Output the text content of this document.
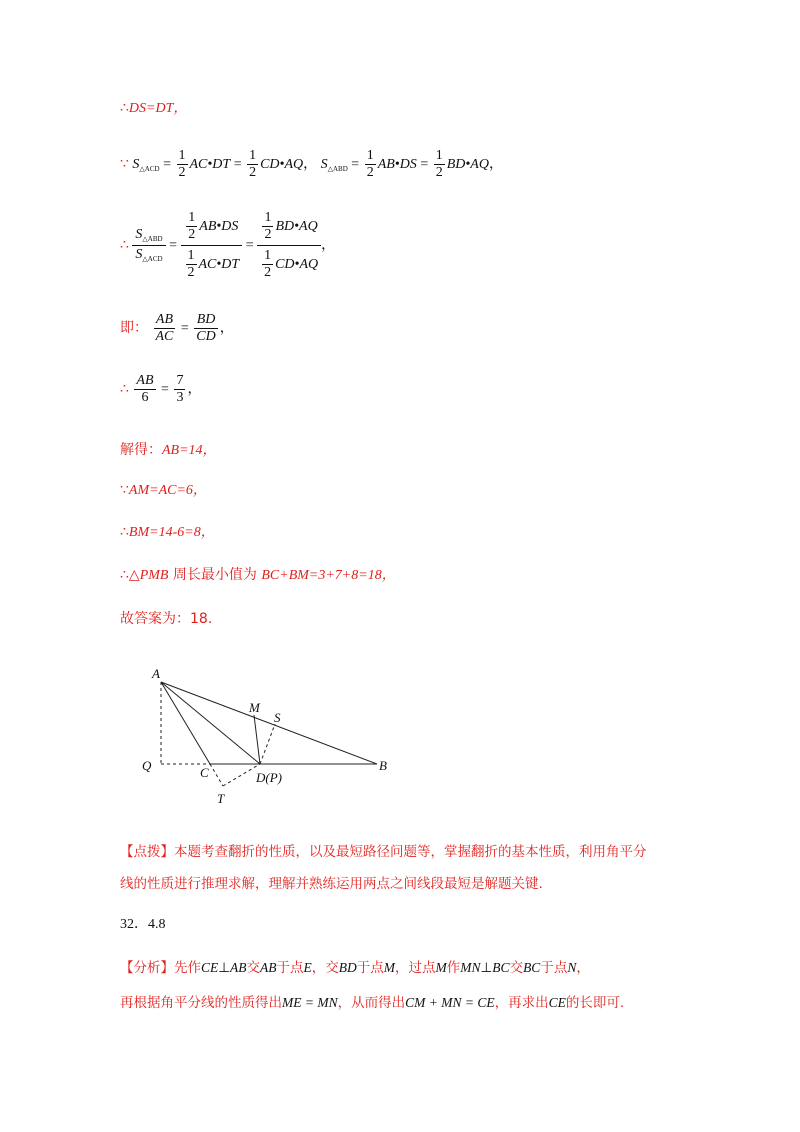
∴DS=DT，
∵ $S_{\triangle ACD} = \frac{1}{2}$ AC•DT = $\frac{1}{2}$ CD•AQ， $S_{\triangle ABD} = \frac{1}{2}$ AB•DS = $\frac{1}{2}$ BD•AQ，
∴ $\frac{S_{\triangle ABD}}{S_{\triangle ACD}} = \frac{\frac{1}{2} AB•DS}{\frac{1}{2} AC•DT} = \frac{\frac{1}{2} BD•AQ}{\frac{1}{2} CD•AQ}$ ，
即： $\frac{AB}{AC} = \frac{BD}{CD}$ ，
∴ $\frac{AB}{6} = \frac{7}{3}$ ，
解得：AB=14，
∵AM=AC=6，
∴BM=14-6=8，
∴△PMB 周长最小值为 BC+BM=3+7+8=18，
故答案为：18.
A
M
S
Q	C	D(P)
B
T
【点拨】本题考查翻折的性质，以及最短路径问题等，掌握翻折的基本性质，利用角平分
线的性质进行推理求解，理解并熟练运用两点之间线段最短是解题关键.
32．4.8
【分析】先作CE⊥AB交AB于点E，交BD于点M，过点M作MN⊥BC交BC于点N，
再根据角平分线的性质得出ME = MN，从而得出CM + MN = CE，再求出CE的长即可.
